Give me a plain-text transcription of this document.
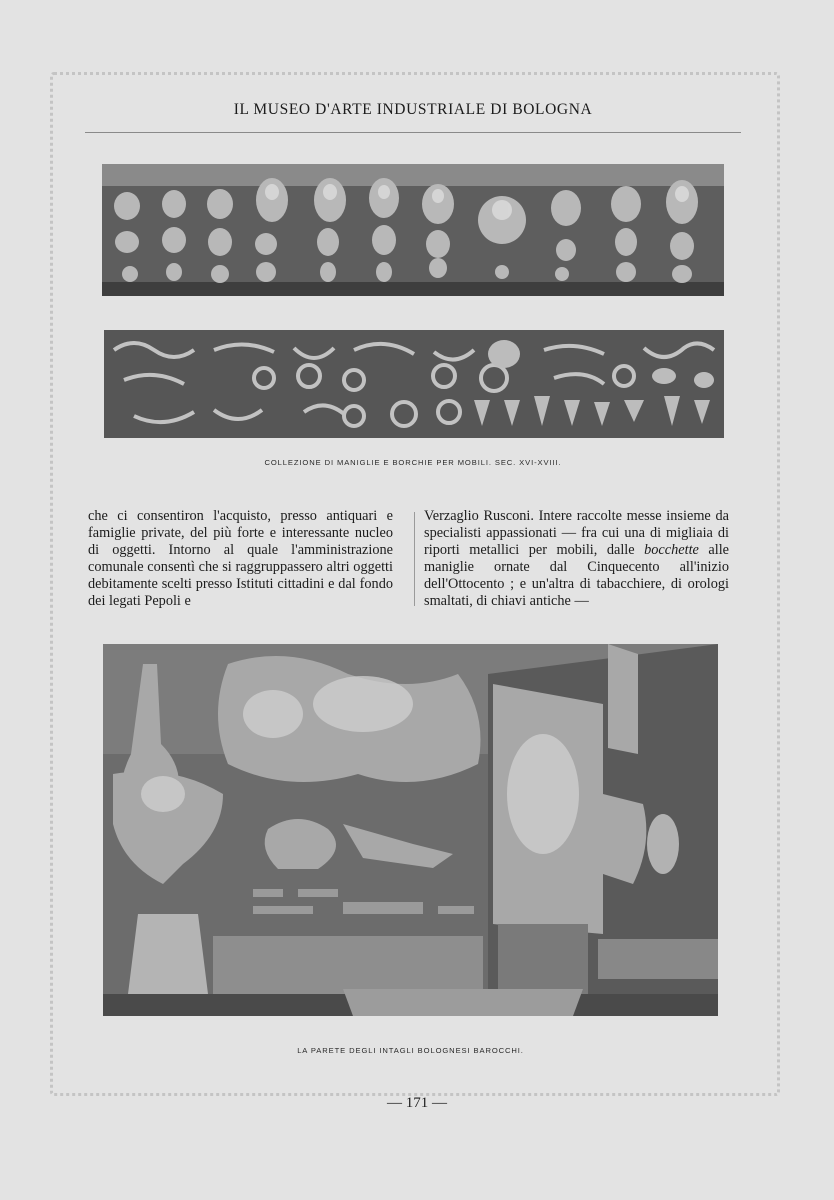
IL MUSEO D'ARTE INDUSTRIALE DI BOLOGNA
COLLEZIONE DI MANIGLIE E BORCHIE PER MOBILI. SEC. XVI-XVIII.

che ci consentiron l'acquisto, presso antiquari e famiglie private, del più forte e interessante nucleo di oggetti. Intorno al quale l'amministrazione comunale consentì che si raggruppassero altri oggetti debitamente scelti presso Istituti cittadini e dal fondo dei legati Pepoli e

Verzaglio Rusconi. Intere raccolte messe insieme da specialisti appassionati — fra cui una di migliaia di riporti metallici per mobili, dalle bocchette alle maniglie ornate dal Cinquecento all'inizio dell'Ottocento ; e un'altra di tabacchiere, di orologi smaltati, di chiavi antiche —

LA PARETE DEGLI INTAGLI BOLOGNESI BAROCCHI.
— 171 —
